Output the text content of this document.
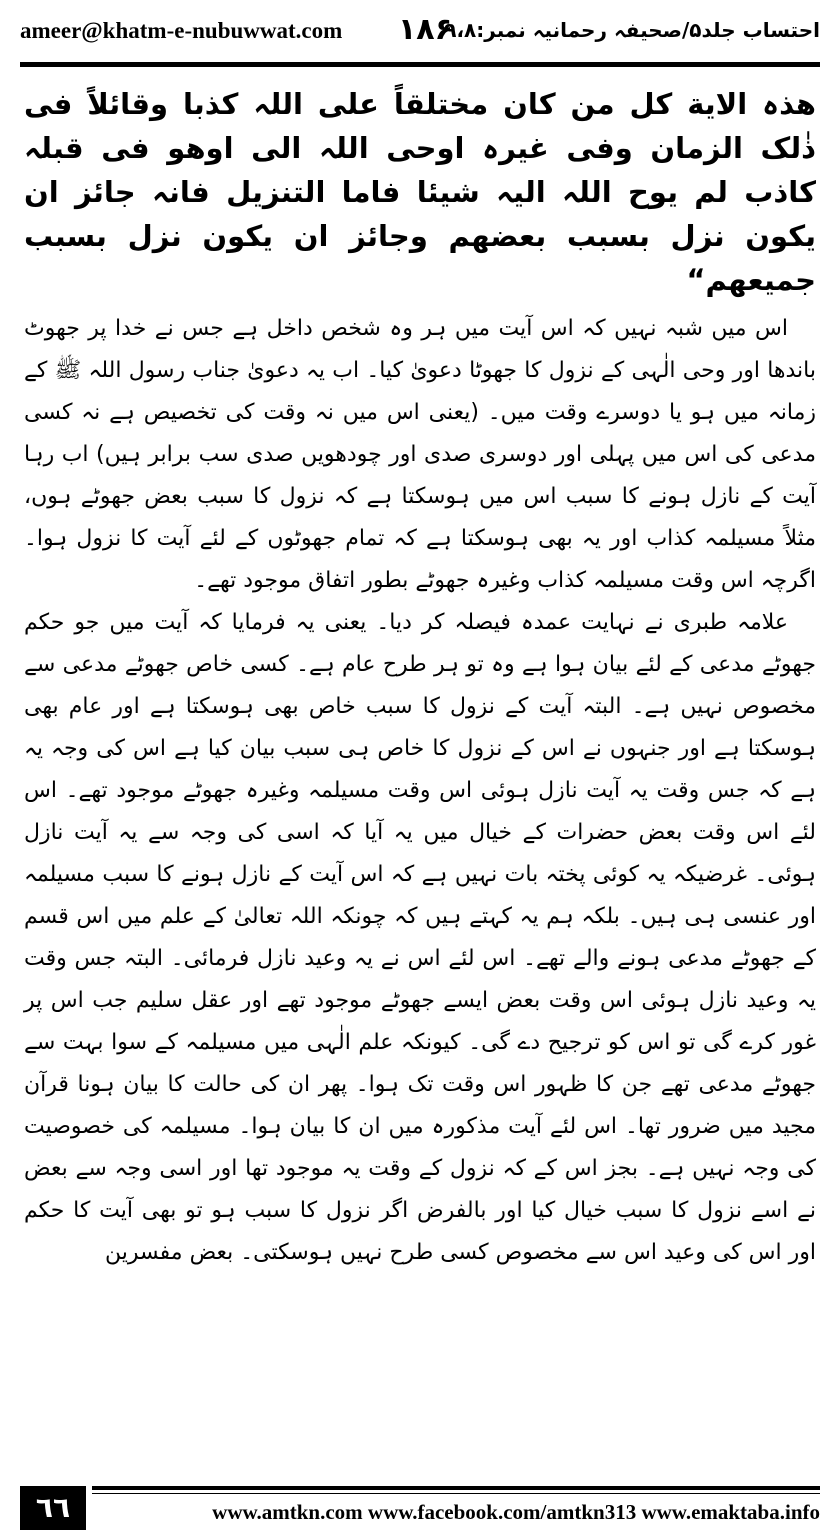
ameer@khatm-e-nubuwwat.com ۱۸۶
احتساب جلد۵/صحیفہ رحمانیہ نمبر:۹،۸

ھذہ الایة کل من کان مختلقاً علی اللہ کذبا وقائلاً فی ذٰلک الزمان وفی غیرہ اوحی اللہ الی اوھو فی قبلہ کاذب لم یوح اللہ الیہ شیئا فاما التنزیل فانہ جائز ان یکون نزل بسبب بعضھم وجائز ان یکون نزل بسبب جمیعھم“

اس میں شبہ نہیں کہ اس آیت میں ہر وہ شخص داخل ہے جس نے خدا پر جھوٹ باندھا اور وحی الٰہی کے نزول کا جھوٹا دعویٰ کیا۔ اب یہ دعویٰ جناب رسول اللہ ﷺ کے زمانہ میں ہو یا دوسرے وقت میں۔ (یعنی اس میں نہ وقت کی تخصیص ہے نہ کسی مدعی کی اس میں پہلی اور دوسری صدی اور چودھویں صدی سب برابر ہیں) اب رہا آیت کے نازل ہونے کا سبب اس میں ہوسکتا ہے کہ نزول کا سبب بعض جھوٹے ہوں، مثلاً مسیلمہ کذاب اور یہ بھی ہوسکتا ہے کہ تمام جھوٹوں کے لئے آیت کا نزول ہوا۔ اگرچہ اس وقت مسیلمہ کذاب وغیرہ جھوٹے بطور اتفاق موجود تھے۔

علامہ طبری نے نہایت عمدہ فیصلہ کر دیا۔ یعنی یہ فرمایا کہ آیت میں جو حکم جھوٹے مدعی کے لئے بیان ہوا ہے وہ تو ہر طرح عام ہے۔ کسی خاص جھوٹے مدعی سے مخصوص نہیں ہے۔ البتہ آیت کے نزول کا سبب خاص بھی ہوسکتا ہے اور عام بھی ہوسکتا ہے اور جنہوں نے اس کے نزول کا خاص ہی سبب بیان کیا ہے اس کی وجہ یہ ہے کہ جس وقت یہ آیت نازل ہوئی اس وقت مسیلمہ وغیرہ جھوٹے موجود تھے۔ اس لئے اس وقت بعض حضرات کے خیال میں یہ آیا کہ اسی کی وجہ سے یہ آیت نازل ہوئی۔ غرضیکہ یہ کوئی پختہ بات نہیں ہے کہ اس آیت کے نازل ہونے کا سبب مسیلمہ اور عنسی ہی ہیں۔ بلکہ ہم یہ کہتے ہیں کہ چونکہ اللہ تعالیٰ کے علم میں اس قسم کے جھوٹے مدعی ہونے والے تھے۔ اس لئے اس نے یہ وعید نازل فرمائی۔ البتہ جس وقت یہ وعید نازل ہوئی اس وقت بعض ایسے جھوٹے موجود تھے اور عقل سلیم جب اس پر غور کرے گی تو اس کو ترجیح دے گی۔ کیونکہ علم الٰہی میں مسیلمہ کے سوا بہت سے جھوٹے مدعی تھے جن کا ظہور اس وقت تک ہوا۔ پھر ان کی حالت کا بیان ہونا قرآن مجید میں ضرور تھا۔ اس لئے آیت مذکورہ میں ان کا بیان ہوا۔ مسیلمہ کی خصوصیت کی وجہ نہیں ہے۔ بجز اس کے کہ نزول کے وقت یہ موجود تھا اور اسی وجہ سے بعض نے اسے نزول کا سبب خیال کیا اور بالفرض اگر نزول کا سبب ہو تو بھی آیت کا حکم اور اس کی وعید اس سے مخصوص کسی طرح نہیں ہوسکتی۔ بعض مفسرین

٦٦	www.amtkn.com www.facebook.com/amtkn313 www.emaktaba.info
